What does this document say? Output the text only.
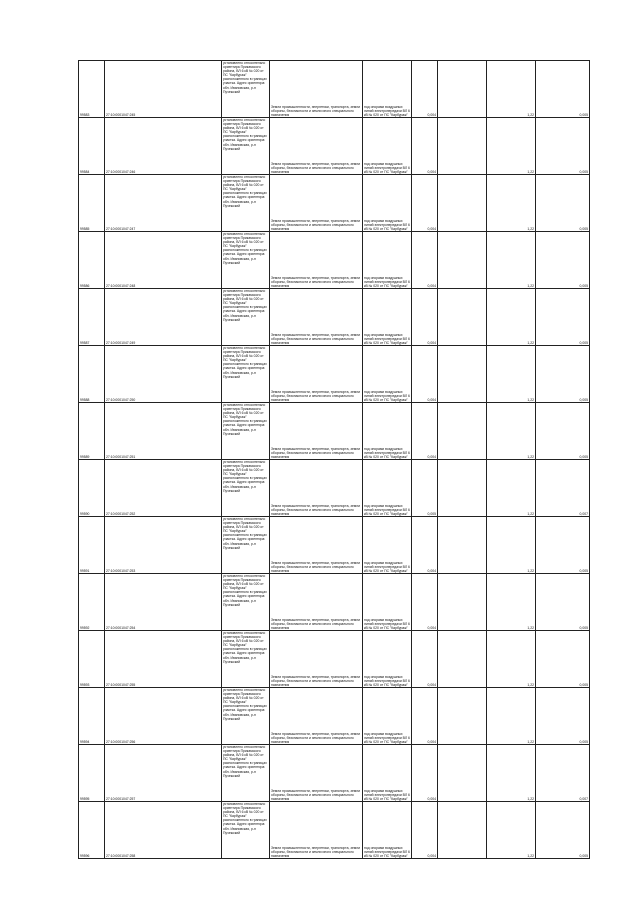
99583	27:10:0001047:245	установлено относительно ориентира Прикамского района, ВЛ 6 кВ № 020 от ПС "Карбураж" расположенного в границах участка. Адрес ориентира: обл. Ивановская, р-н Пучежский	Земли промышленности, энергетики, транспорта, земли обороны, безопасности и земли иного специального назначения	под опорами воздушных линий электропередачи ВЛ 6 кВ № 020 от ПС "Карбураж"	0,004		1,22	0,005
99584	27:10:0001047:246	установлено относительно ориентира Прикамского района, ВЛ 6 кВ № 020 от ПС "Карбураж" расположенного в границах участка. Адрес ориентира: обл. Ивановская, р-н Пучежский	Земли промышленности, энергетики, транспорта, земли обороны, безопасности и земли иного специального назначения	под опорами воздушных линий электропередачи ВЛ 6 кВ № 020 от ПС "Карбураж"	0,004		1,22	0,005
99585	27:10:0001047:247	установлено относительно ориентира Прикамского района, ВЛ 6 кВ № 020 от ПС "Карбураж" расположенного в границах участка. Адрес ориентира: обл. Ивановская, р-н Пучежский	Земли промышленности, энергетики, транспорта, земли обороны, безопасности и земли иного специального назначения	под опорами воздушных линий электропередачи ВЛ 6 кВ № 020 от ПС "Карбураж"	0,004		1,22	0,005
99586	27:10:0001047:248	установлено относительно ориентира Прикамского района, ВЛ 6 кВ № 020 от ПС "Карбураж" расположенного в границах участка. Адрес ориентира: обл. Ивановская, р-н Пучежский	Земли промышленности, энергетики, транспорта, земли обороны, безопасности и земли иного специального назначения	под опорами воздушных линий электропередачи ВЛ 6 кВ № 020 от ПС "Карбураж"	0,004		1,22	0,005
99587	27:10:0001047:249	установлено относительно ориентира Прикамского района, ВЛ 6 кВ № 020 от ПС "Карбураж" расположенного в границах участка. Адрес ориентира: обл. Ивановская, р-н Пучежский	Земли промышленности, энергетики, транспорта, земли обороны, безопасности и земли иного специального назначения	под опорами воздушных линий электропередачи ВЛ 6 кВ № 020 от ПС "Карбураж"	0,004		1,22	0,005
99588	27:10:0001047:250	установлено относительно ориентира Прикамского района, ВЛ 6 кВ № 020 от ПС "Карбураж" расположенного в границах участка. Адрес ориентира: обл. Ивановская, р-н Пучежский	Земли промышленности, энергетики, транспорта, земли обороны, безопасности и земли иного специального назначения	под опорами воздушных линий электропередачи ВЛ 6 кВ № 020 от ПС "Карбураж"	0,004		1,22	0,005
99589	27:10:0001047:251	установлено относительно ориентира Прикамского района, ВЛ 6 кВ № 020 от ПС "Карбураж" расположенного в границах участка. Адрес ориентира: обл. Ивановская, р-н Пучежский	Земли промышленности, энергетики, транспорта, земли обороны, безопасности и земли иного специального назначения	под опорами воздушных линий электропередачи ВЛ 6 кВ № 020 от ПС "Карбураж"	0,004		1,22	0,005
99590	27:10:0001047:252	установлено относительно ориентира Прикамского района, ВЛ 6 кВ № 020 от ПС "Карбураж" расположенного в границах участка. Адрес ориентира: обл. Ивановская, р-н Пучежский	Земли промышленности, энергетики, транспорта, земли обороны, безопасности и земли иного специального назначения	под опорами воздушных линий электропередачи ВЛ 6 кВ № 020 от ПС "Карбураж"	0,005		1,22	0,007
99591	27:10:0001047:253	установлено относительно ориентира Прикамского района, ВЛ 6 кВ № 020 от ПС "Карбураж" расположенного в границах участка. Адрес ориентира: обл. Ивановская, р-н Пучежский	Земли промышленности, энергетики, транспорта, земли обороны, безопасности и земли иного специального назначения	под опорами воздушных линий электропередачи ВЛ 6 кВ № 020 от ПС "Карбураж"	0,004		1,22	0,005
99592	27:10:0001047:254	установлено относительно ориентира Прикамского района, ВЛ 6 кВ № 020 от ПС "Карбураж" расположенного в границах участка. Адрес ориентира: обл. Ивановская, р-н Пучежский	Земли промышленности, энергетики, транспорта, земли обороны, безопасности и земли иного специального назначения	под опорами воздушных линий электропередачи ВЛ 6 кВ № 020 от ПС "Карбураж"	0,004		1,22	0,005
99593	27:10:0001047:255	установлено относительно ориентира Прикамского района, ВЛ 6 кВ № 020 от ПС "Карбураж" расположенного в границах участка. Адрес ориентира: обл. Ивановская, р-н Пучежский	Земли промышленности, энергетики, транспорта, земли обороны, безопасности и земли иного специального назначения	под опорами воздушных линий электропередачи ВЛ 6 кВ № 020 от ПС "Карбураж"	0,004		1,22	0,005
99594	27:10:0001047:256	установлено относительно ориентира Прикамского района, ВЛ 6 кВ № 020 от ПС "Карбураж" расположенного в границах участка. Адрес ориентира: обл. Ивановская, р-н Пучежский	Земли промышленности, энергетики, транспорта, земли обороны, безопасности и земли иного специального назначения	под опорами воздушных линий электропередачи ВЛ 6 кВ № 020 от ПС "Карбураж"	0,004		1,22	0,005
99595	27:10:0001047:257	установлено относительно ориентира Прикамского района, ВЛ 6 кВ № 020 от ПС "Карбураж" расположенного в границах участка. Адрес ориентира: обл. Ивановская, р-н Пучежский	Земли промышленности, энергетики, транспорта, земли обороны, безопасности и земли иного специального назначения	под опорами воздушных линий электропередачи ВЛ 6 кВ № 020 от ПС "Карбураж"	0,004		1,22	0,007
99596	27:10:0001047:258	установлено относительно ориентира Прикамского района, ВЛ 6 кВ № 020 от ПС "Карбураж" расположенного в границах участка. Адрес ориентира: обл. Ивановская, р-н Пучежский	Земли промышленности, энергетики, транспорта, земли обороны, безопасности и земли иного специального назначения	под опорами воздушных линий электропередачи ВЛ 6 кВ № 020 от ПС "Карбураж"	0,004		1,22	0,005
